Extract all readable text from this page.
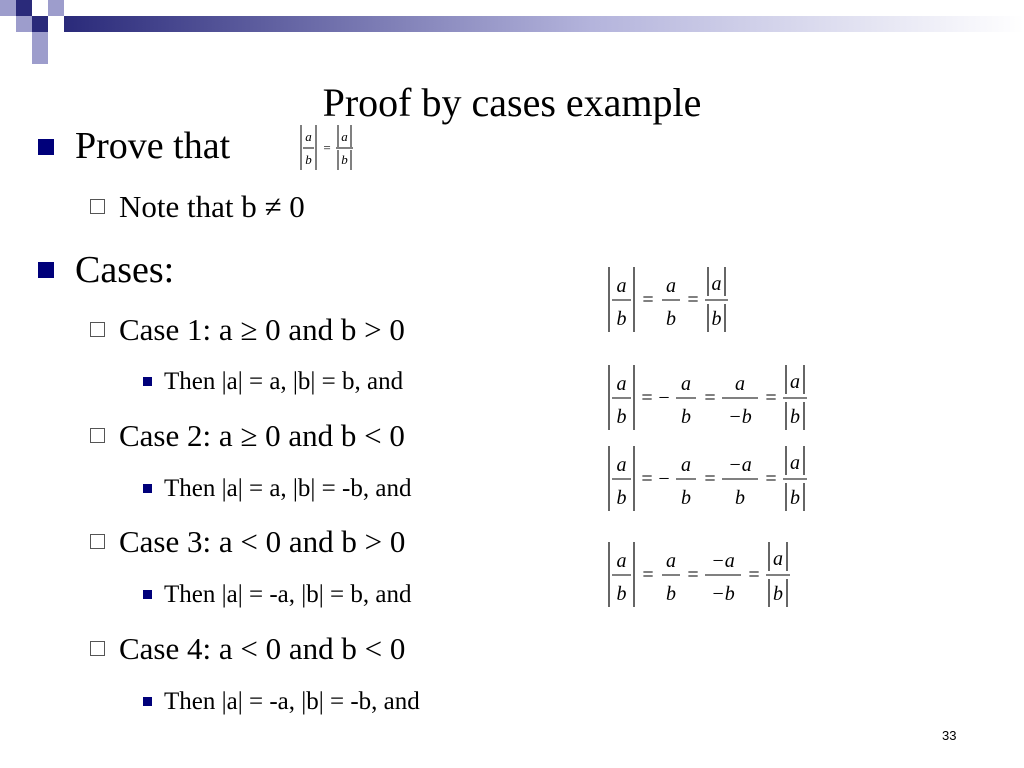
Proof by cases example
Prove that	a
b
=
a
b
Note that b ≠ 0
Cases:
Case 1: a ≥ 0 and b > 0
Then |a| = a, |b| = b, and
Case 2: a ≥ 0 and b < 0
Then |a| = a, |b| = -b, and
Case 3: a < 0 and b > 0
Then |a| = -a, |b| = b, and
Case 4: a < 0 and b < 0
Then |a| = -a, |b| = -b, and
a
b
=
a
b
=
a
b
a
b
= −
a
b
=
a
−b
=
a
b
a
b
= −
a
b
=
−a
b
=
a
b
a
b
=
a
b
=
−a
−b
=
a
b
33
